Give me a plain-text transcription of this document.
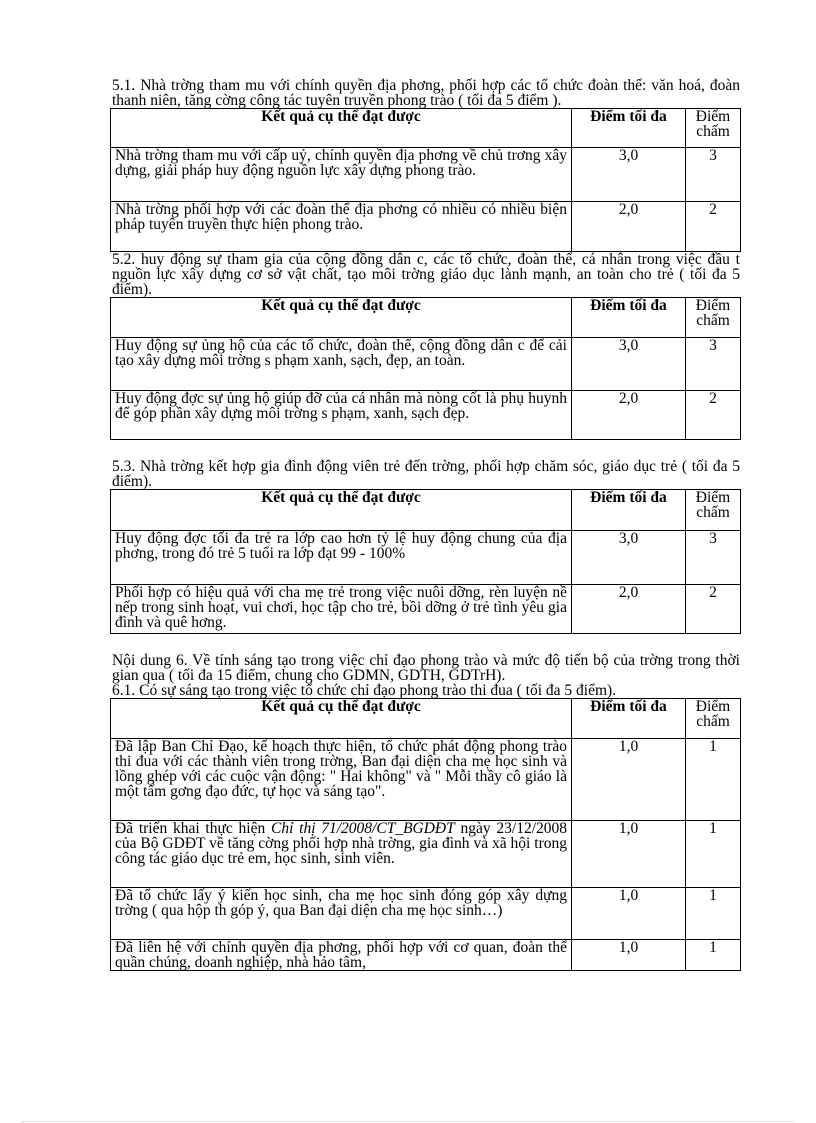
5.1. Nhà trờng tham mu với chính quyền địa phơng, phối hợp các tổ chức đoàn thể: văn hoá, đoàn thanh niên, tăng cờng công tác tuyên truyền phong trào ( tối đa 5 điểm ).

Kết quả cụ thể đạt được	Điểm tối đa	Điểm chấm
Nhà trờng tham mu với cấp uỷ, chính quyền địa phơng về chủ trơng xây dựng, giải pháp huy động nguồn lực xây dựng phong trào.	3,0	3
Nhà trờng phối hợp với các đoàn thể địa phơng có nhiều có nhiều biện pháp tuyên truyền thực hiện phong trào.	2,0	2

5.2. huy động sự tham gia của cộng đồng dân c, các tổ chức, đoàn thể, cá nhân trong việc đầu t nguồn lực xây dựng cơ sở vật chất, tạo môi trờng giáo dục lành mạnh, an toàn cho trẻ ( tối đa 5 điểm).

Kết quả cụ thể đạt được	Điểm tối đa	Điểm chấm
Huy động sự ủng hộ của các tổ chức, đoàn thể, cộng đồng dân c để cải tạo xây dựng môi trờng s phạm xanh, sạch, đẹp, an toàn.	3,0	3
Huy động đợc sự ủng hộ giúp đỡ của cá nhân mà nòng cốt là phụ huynh để góp phần xây dựng môi trờng s phạm, xanh, sạch đẹp.	2,0	2

5.3. Nhà trờng kết hợp gia đình động viên trẻ đến trờng, phối hợp chăm sóc, giáo dục trẻ ( tối đa 5 điểm).

Kết quả cụ thể đạt được	Điểm tối đa	Điểm chấm
Huy động đợc tối đa trẻ ra lớp cao hơn tỷ lệ huy động chung của địa phơng, trong đó trẻ 5 tuổi ra lớp đạt 99 - 100%	3,0	3
Phối hợp có hiệu quả với cha mẹ trẻ trong việc nuôi dỡng, rèn luyện nề nếp trong sinh hoạt, vui chơi, học tập cho trẻ, bồi dỡng ở trẻ tình yêu gia đình và quê hơng.	2,0	2

Nội dung 6. Về tính sáng tạo trong việc chỉ đạo phong trào và mức độ tiến bộ của trờng trong thời gian qua ( tối đa 15 điểm, chung cho GDMN, GDTH, GDTrH).

6.1. Có sự sáng tạo trong việc tổ chức chỉ đạo phong trào thi đua ( tối đa 5 điểm).

Kết quả cụ thể đạt được	Điểm tối đa	Điểm chấm
Đã lập Ban Chỉ Đạo, kế hoạch thực hiện, tổ chức phát động phong trào thi đua với các thành viên trong trờng, Ban đại diện cha mẹ học sinh và lồng ghép với các cuộc vận động: " Hai không" và " Mỗi thầy cô giáo là một tấm gơng đạo đức, tự học và sáng tạo".	1,0	1
Đã triển khai thực hiện Chỉ thị 71/2008/CT_BGDĐT ngày 23/12/2008 của Bộ GDĐT về tăng cờng phối hợp nhà trờng, gia đình và xã hội trong công tác giáo dục trẻ em, học sinh, sinh viên.	1,0	1
Đã tổ chức lấy ý kiến học sinh, cha mẹ học sinh đóng góp xây dựng trờng ( qua hộp th góp ý, qua Ban đại diện cha mẹ học sinh…)	1,0	1

Đã liên hệ với chính quyền địa phơng, phối hợp với cơ quan, đoàn thể quần chúng, doanh nghiệp, nhà hảo tâm,	1,0	1
